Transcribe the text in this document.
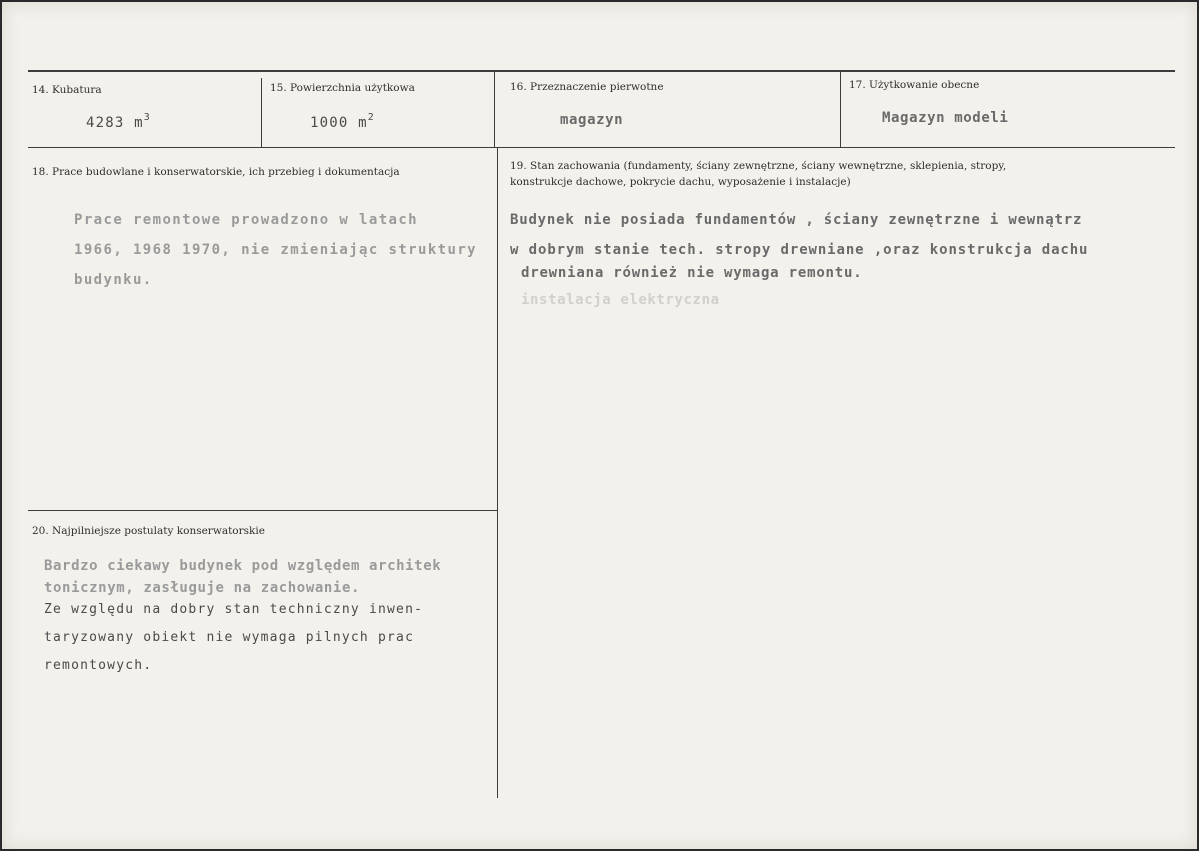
14. Kubatura
4283 $m^3$
15. Powierzchnia użytkowa
1000 $m^2$
16. Przeznaczenie pierwotne
magazyn
17. Użytkowanie obecne
Magazyn modeli
18. Prace budowlane i konserwatorskie, ich przebieg i dokumentacja
Prace remontowe prowadzono w latach
1966, 1968 1970, nie zmieniając struktury
budynku.
19. Stan zachowania (fundamenty, ściany zewnętrzne, ściany wewnętrzne, sklepienia, stropy,
konstrukcje dachowe, pokrycie dachu, wyposażenie i instalacje)
Budynek nie posiada fundamentów , ściany zewnętrzne i wewnątrz
w dobrym stanie tech. stropy drewniane ,oraz konstrukcja dachu
drewniana również nie wymaga remontu.
instalacja elektryczna
20. Najpilniejsze postulaty konserwatorskie
Bardzo ciekawy budynek pod względem architek
tonicznym, zasługuje na zachowanie.
Ze względu na dobry stan techniczny inwen-
taryzowany obiekt nie wymaga pilnych prac
remontowych.
